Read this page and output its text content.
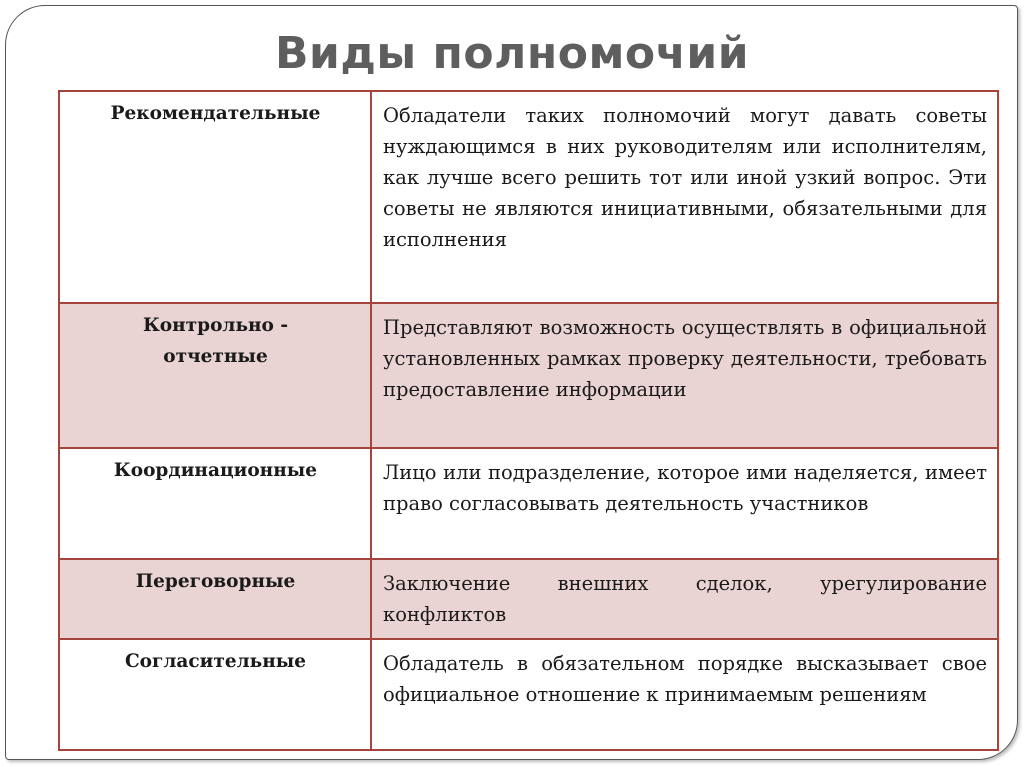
Виды полномочий
Рекомендательные	Обладатели таких полномочий могут давать советы нуждающимся в них руководителям или исполнителям, как лучше всего решить тот или иной узкий вопрос. Эти советы не являются инициативными, обязательными для исполнения
Контрольно - отчетные	Представляют возможность осуществлять в официальной установленных рамках проверку деятельности, требовать предоставление информации
Координационные	Лицо или подразделение, которое ими наделяется, имеет право согласовывать деятельность участников
Переговорные	Заключение внешних сделок, урегулирование конфликтов
Согласительные	Обладатель в обязательном порядке высказывает свое официальное отношение к принимаемым решениям
